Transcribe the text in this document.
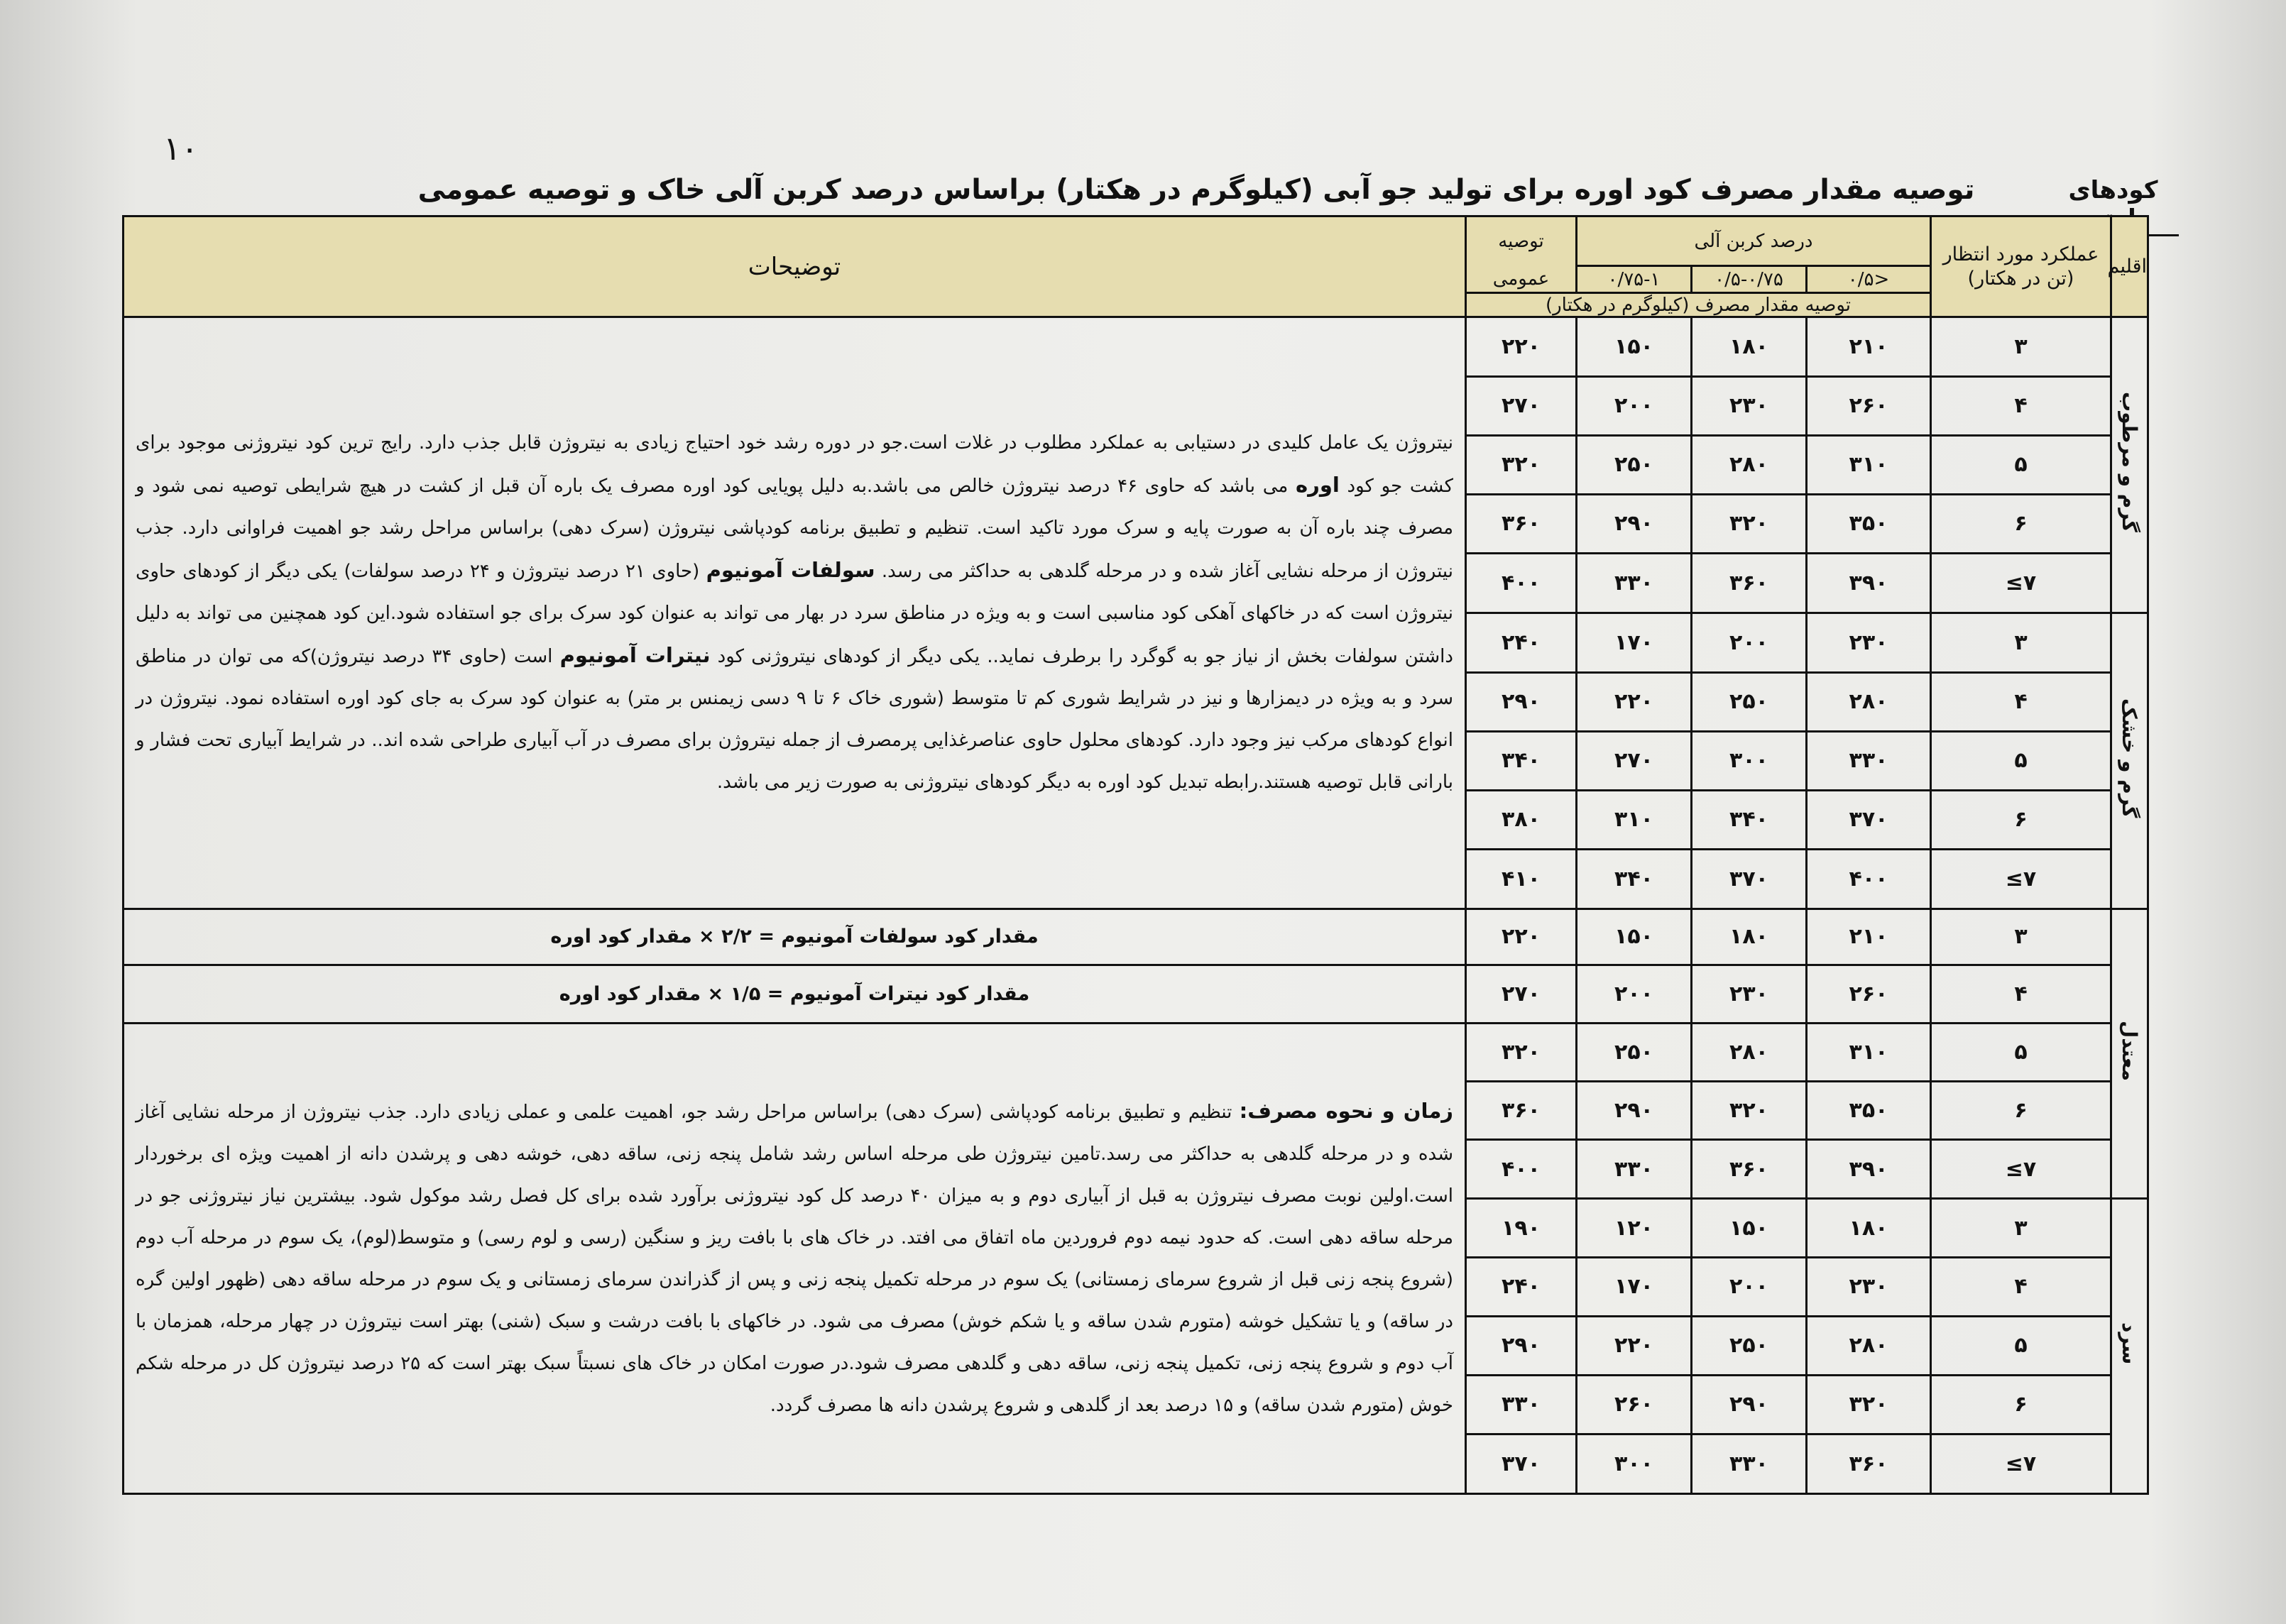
۱۰
کودهای
توصیه مقدار مصرف کود اوره برای تولید جو آبی (کیلوگرم در هکتار) براساس درصد کربن آلی خاک و توصیه عمومی
اقلیم	عملکرد مورد انتظار (تن در هکتار)	درصد کربن آلی			توصیه	توضیحات
		<۰/۵	۰/۵-۰/۷۵	۰/۷۵-۱	عمومی	
		توصیه مقدار مصرف (کیلوگرم در هکتار)				
گرم و مرطوب	۳	۲۱۰	۱۸۰	۱۵۰	۲۲۰	نیتروژن یک عامل کلیدی در دستیابی به عملکرد مطلوب در غلات است.جو در دوره رشد خود احتیاج زیادی به نیتروژن قابل جذب دارد. رایج ترین کود نیتروژنی موجود برای کشت جو کود اوره می باشد که حاوی ۴۶ درصد نیتروژن خالص می باشد.به دلیل پویایی کود اوره مصرف یک باره آن قبل از کشت در هیچ شرایطی توصیه نمی شود و مصرف چند باره آن به صورت پایه و سرک مورد تاکید است. تنظیم و تطبیق برنامه کودپاشی نیتروژن (سرک دهی) براساس مراحل رشد جو اهمیت فراوانی دارد. جذب نیتروژن از مرحله نشایی آغاز شده و در مرحله گلدهی به حداکثر می رسد. سولفات آمونیوم (حاوی ۲۱ درصد نیتروژن و ۲۴ درصد سولفات) یکی دیگر از کودهای حاوی نیتروژن است که در خاکهای آهکی کود مناسبی است و به ویژه در مناطق سرد در بهار می تواند به عنوان کود سرک برای جو استفاده شود.این کود همچنین می تواند به دلیل داشتن سولفات بخش از نیاز جو به گوگرد را برطرف نماید.. یکی دیگر از کودهای نیتروژنی کود نیترات آمونیوم است (حاوی ۳۴ درصد نیتروژن)که می توان در مناطق سرد و به ویژه در دیمزارها و نیز در شرایط شوری کم تا متوسط (شوری خاک ۶ تا ۹ دسی زیمنس بر متر) به عنوان کود سرک به جای کود اوره استفاده نمود. نیتروژن در انواع کودهای مرکب نیز وجود دارد. کودهای محلول حاوی عناصرغذایی پرمصرف از جمله نیتروژن برای مصرف در آب آبیاری طراحی شده اند.. در شرایط آبیاری تحت فشار و بارانی قابل توصیه هستند.رابطه تبدیل کود اوره به دیگر کودهای نیتروژنی به صورت زیر می باشد.
	۴	۲۶۰	۲۳۰	۲۰۰	۲۷۰	
	۵	۳۱۰	۲۸۰	۲۵۰	۳۲۰	
	۶	۳۵۰	۳۲۰	۲۹۰	۳۶۰	
	≤۷	۳۹۰	۳۶۰	۳۳۰	۴۰۰	
گرم و خشک	۳	۲۳۰	۲۰۰	۱۷۰	۲۴۰	
	۴	۲۸۰	۲۵۰	۲۲۰	۲۹۰	
	۵	۳۳۰	۳۰۰	۲۷۰	۳۴۰	
	۶	۳۷۰	۳۴۰	۳۱۰	۳۸۰	
	≤۷	۴۰۰	۳۷۰	۳۴۰	۴۱۰	
معتدل	۳	۲۱۰	۱۸۰	۱۵۰	۲۲۰	مقدار کود سولفات آمونیوم = ۲/۲ × مقدار کود اوره
	۴	۲۶۰	۲۳۰	۲۰۰	۲۷۰	مقدار کود نیترات آمونیوم = ۱/۵ × مقدار کود اوره
	۵	۳۱۰	۲۸۰	۲۵۰	۳۲۰	زمان و نحوه مصرف: تنظیم و تطبیق برنامه کودپاشی (سرک دهی) براساس مراحل رشد جو، اهمیت علمی و عملی زیادی دارد. جذب نیتروژن از مرحله نشایی آغاز شده و در مرحله گلدهی به حداکثر می رسد.تامین نیتروژن طی مرحله اساس رشد شامل پنجه زنی، ساقه دهی، خوشه دهی و پرشدن دانه از اهمیت ویژه ای برخوردار است.اولین نوبت مصرف نیتروژن به قبل از آبیاری دوم و به میزان ۴۰ درصد کل کود نیتروژنی برآورد شده برای کل فصل رشد موکول شود. بیشترین نیاز نیتروژنی جو در مرحله ساقه دهی است. که حدود نیمه دوم فروردین ماه اتفاق می افتد. در خاک های با بافت ریز و سنگین (رسی و لوم رسی) و متوسط(لوم)، یک سوم در مرحله آب دوم (شروع پنجه زنی قبل از شروع سرمای زمستانی) یک سوم در مرحله تکمیل پنجه زنی و پس از گذراندن سرمای زمستانی و یک سوم در مرحله ساقه دهی (ظهور اولین گره در ساقه) و یا تشکیل خوشه (متورم شدن ساقه و یا شکم خوش) مصرف می شود. در خاکهای با بافت درشت و سبک (شنی) بهتر است نیتروژن در چهار مرحله، همزمان با آب دوم و شروع پنجه زنی، تکمیل پنجه زنی، ساقه دهی و گلدهی مصرف شود.در صورت امکان در خاک های نسبتاً سبک بهتر است که ۲۵ درصد نیتروژن کل در مرحله شکم خوش (متورم شدن ساقه) و ۱۵ درصد بعد از گلدهی و شروع پرشدن دانه ها مصرف گردد.
	۶	۳۵۰	۳۲۰	۲۹۰	۳۶۰	
	≤۷	۳۹۰	۳۶۰	۳۳۰	۴۰۰	
سرد	۳	۱۸۰	۱۵۰	۱۲۰	۱۹۰	
	۴	۲۳۰	۲۰۰	۱۷۰	۲۴۰	
	۵	۲۸۰	۲۵۰	۲۲۰	۲۹۰	
	۶	۳۲۰	۲۹۰	۲۶۰	۳۳۰	
	≤۷	۳۶۰	۳۳۰	۳۰۰	۳۷۰	
